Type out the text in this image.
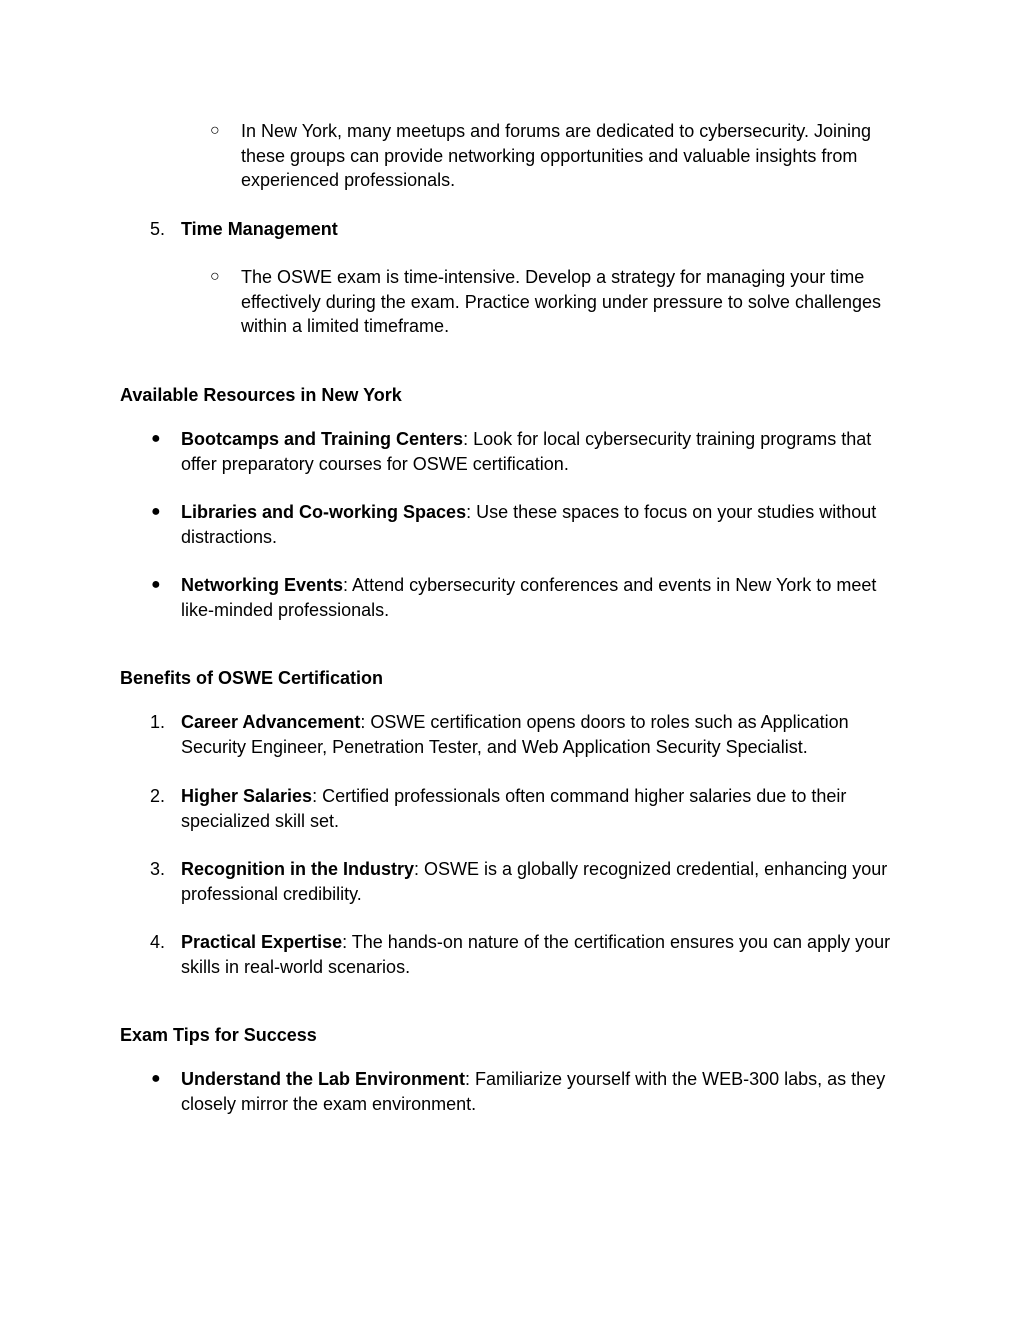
○	In New York, many meetups and forums are dedicated to cybersecurity. Joining these groups can provide networking opportunities and valuable insights from experienced professionals.
5. Time Management
○	The OSWE exam is time-intensive. Develop a strategy for managing your time effectively during the exam. Practice working under pressure to solve challenges within a limited timeframe.
Available Resources in New York
●	Bootcamps and Training Centers: Look for local cybersecurity training programs that offer preparatory courses for OSWE certification.
●	Libraries and Co-working Spaces: Use these spaces to focus on your studies without distractions.
●	Networking Events: Attend cybersecurity conferences and events in New York to meet like-minded professionals.
Benefits of OSWE Certification
1. Career Advancement: OSWE certification opens doors to roles such as Application Security Engineer, Penetration Tester, and Web Application Security Specialist.
2. Higher Salaries: Certified professionals often command higher salaries due to their specialized skill set.
3. Recognition in the Industry: OSWE is a globally recognized credential, enhancing your professional credibility.
4. Practical Expertise: The hands-on nature of the certification ensures you can apply your skills in real-world scenarios.
Exam Tips for Success
●	Understand the Lab Environment: Familiarize yourself with the WEB-300 labs, as they closely mirror the exam environment.
